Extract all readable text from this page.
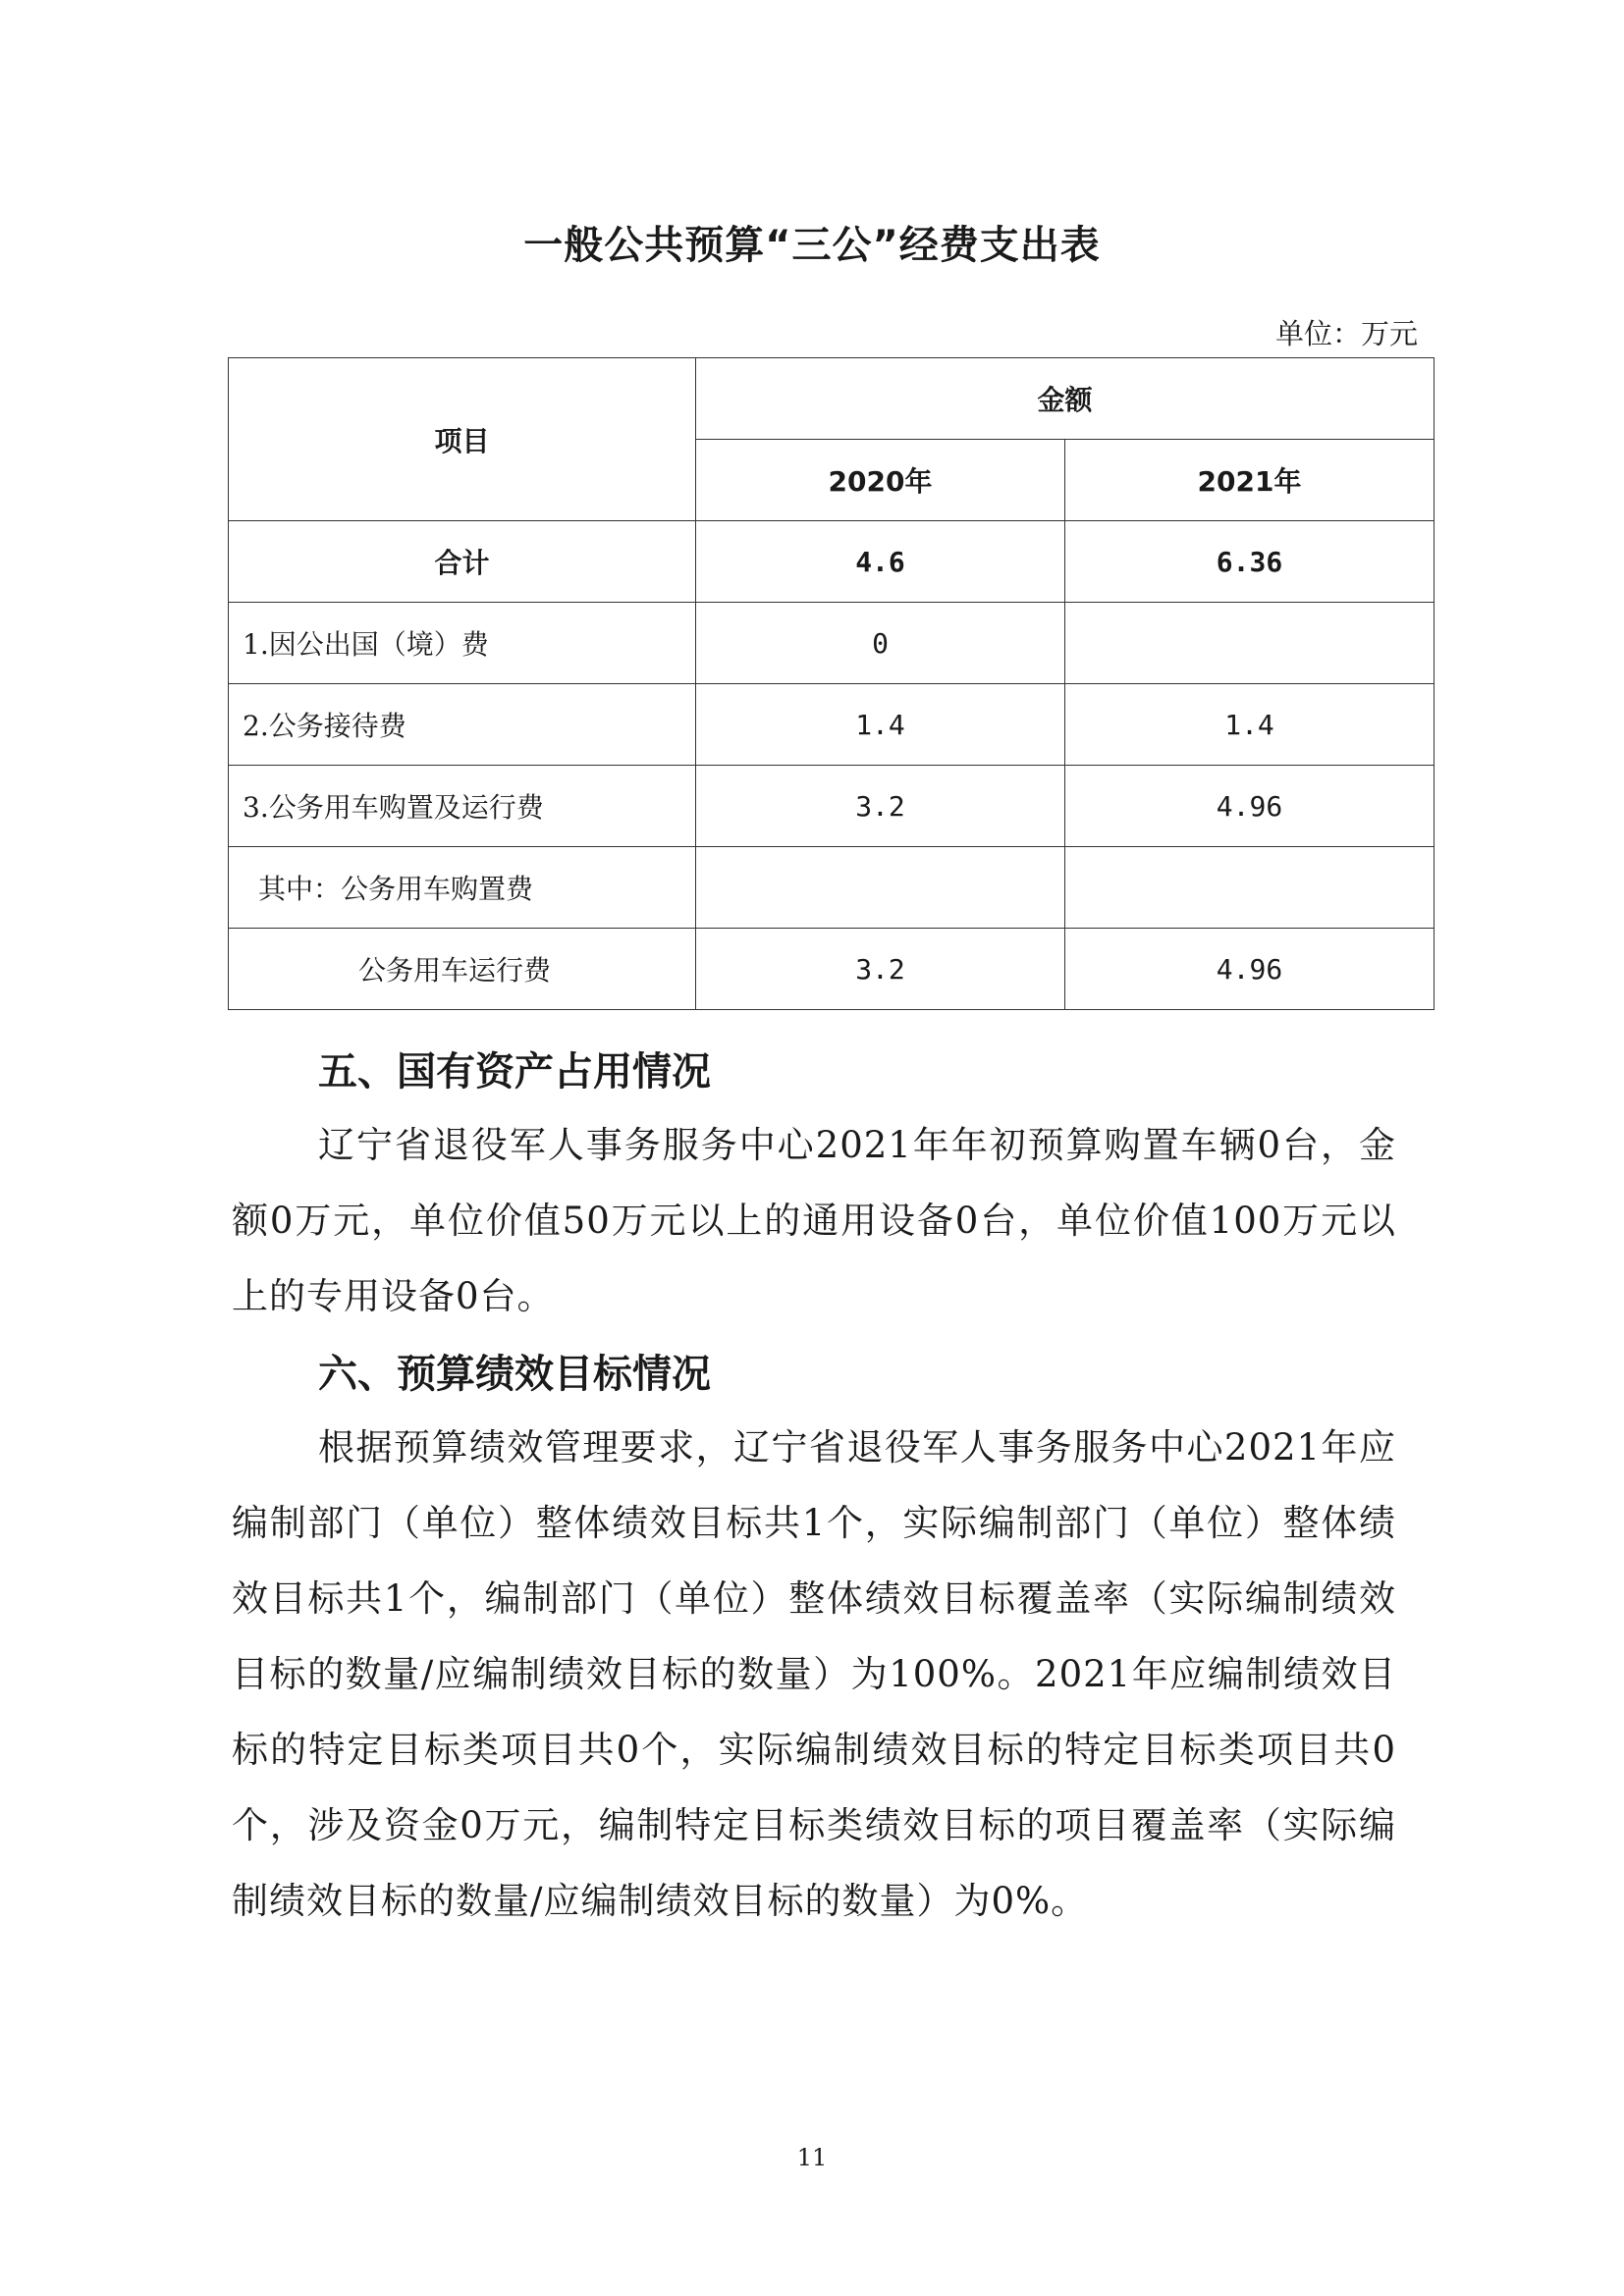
一般公共预算“三公”经费支出表
单位：万元
项目	金额	
	2020年	2021年
合计	4.6	6.36
1.因公出国（境）费	0	
2.公务接待费	1.4	1.4
3.公务用车购置及运行费	3.2	4.96
其中：公务用车购置费		
公务用车运行费	3.2	4.96
五、国有资产占用情况

辽宁省退役军人事务服务中心2021年年初预算购置车辆0台，金额0万元，单位价值50万元以上的通用设备0台，单位价值100万元以上的专用设备0台。

六、预算绩效目标情况

根据预算绩效管理要求，辽宁省退役军人事务服务中心2021年应编制部门（单位）整体绩效目标共1个，实际编制部门（单位）整体绩效目标共1个，编制部门（单位）整体绩效目标覆盖率（实际编制绩效目标的数量/应编制绩效目标的数量）为100%。2021年应编制绩效目标的特定目标类项目共0个，实际编制绩效目标的特定目标类项目共0个，涉及资金0万元，编制特定目标类绩效目标的项目覆盖率（实际编制绩效目标的数量/应编制绩效目标的数量）为0%。

11
